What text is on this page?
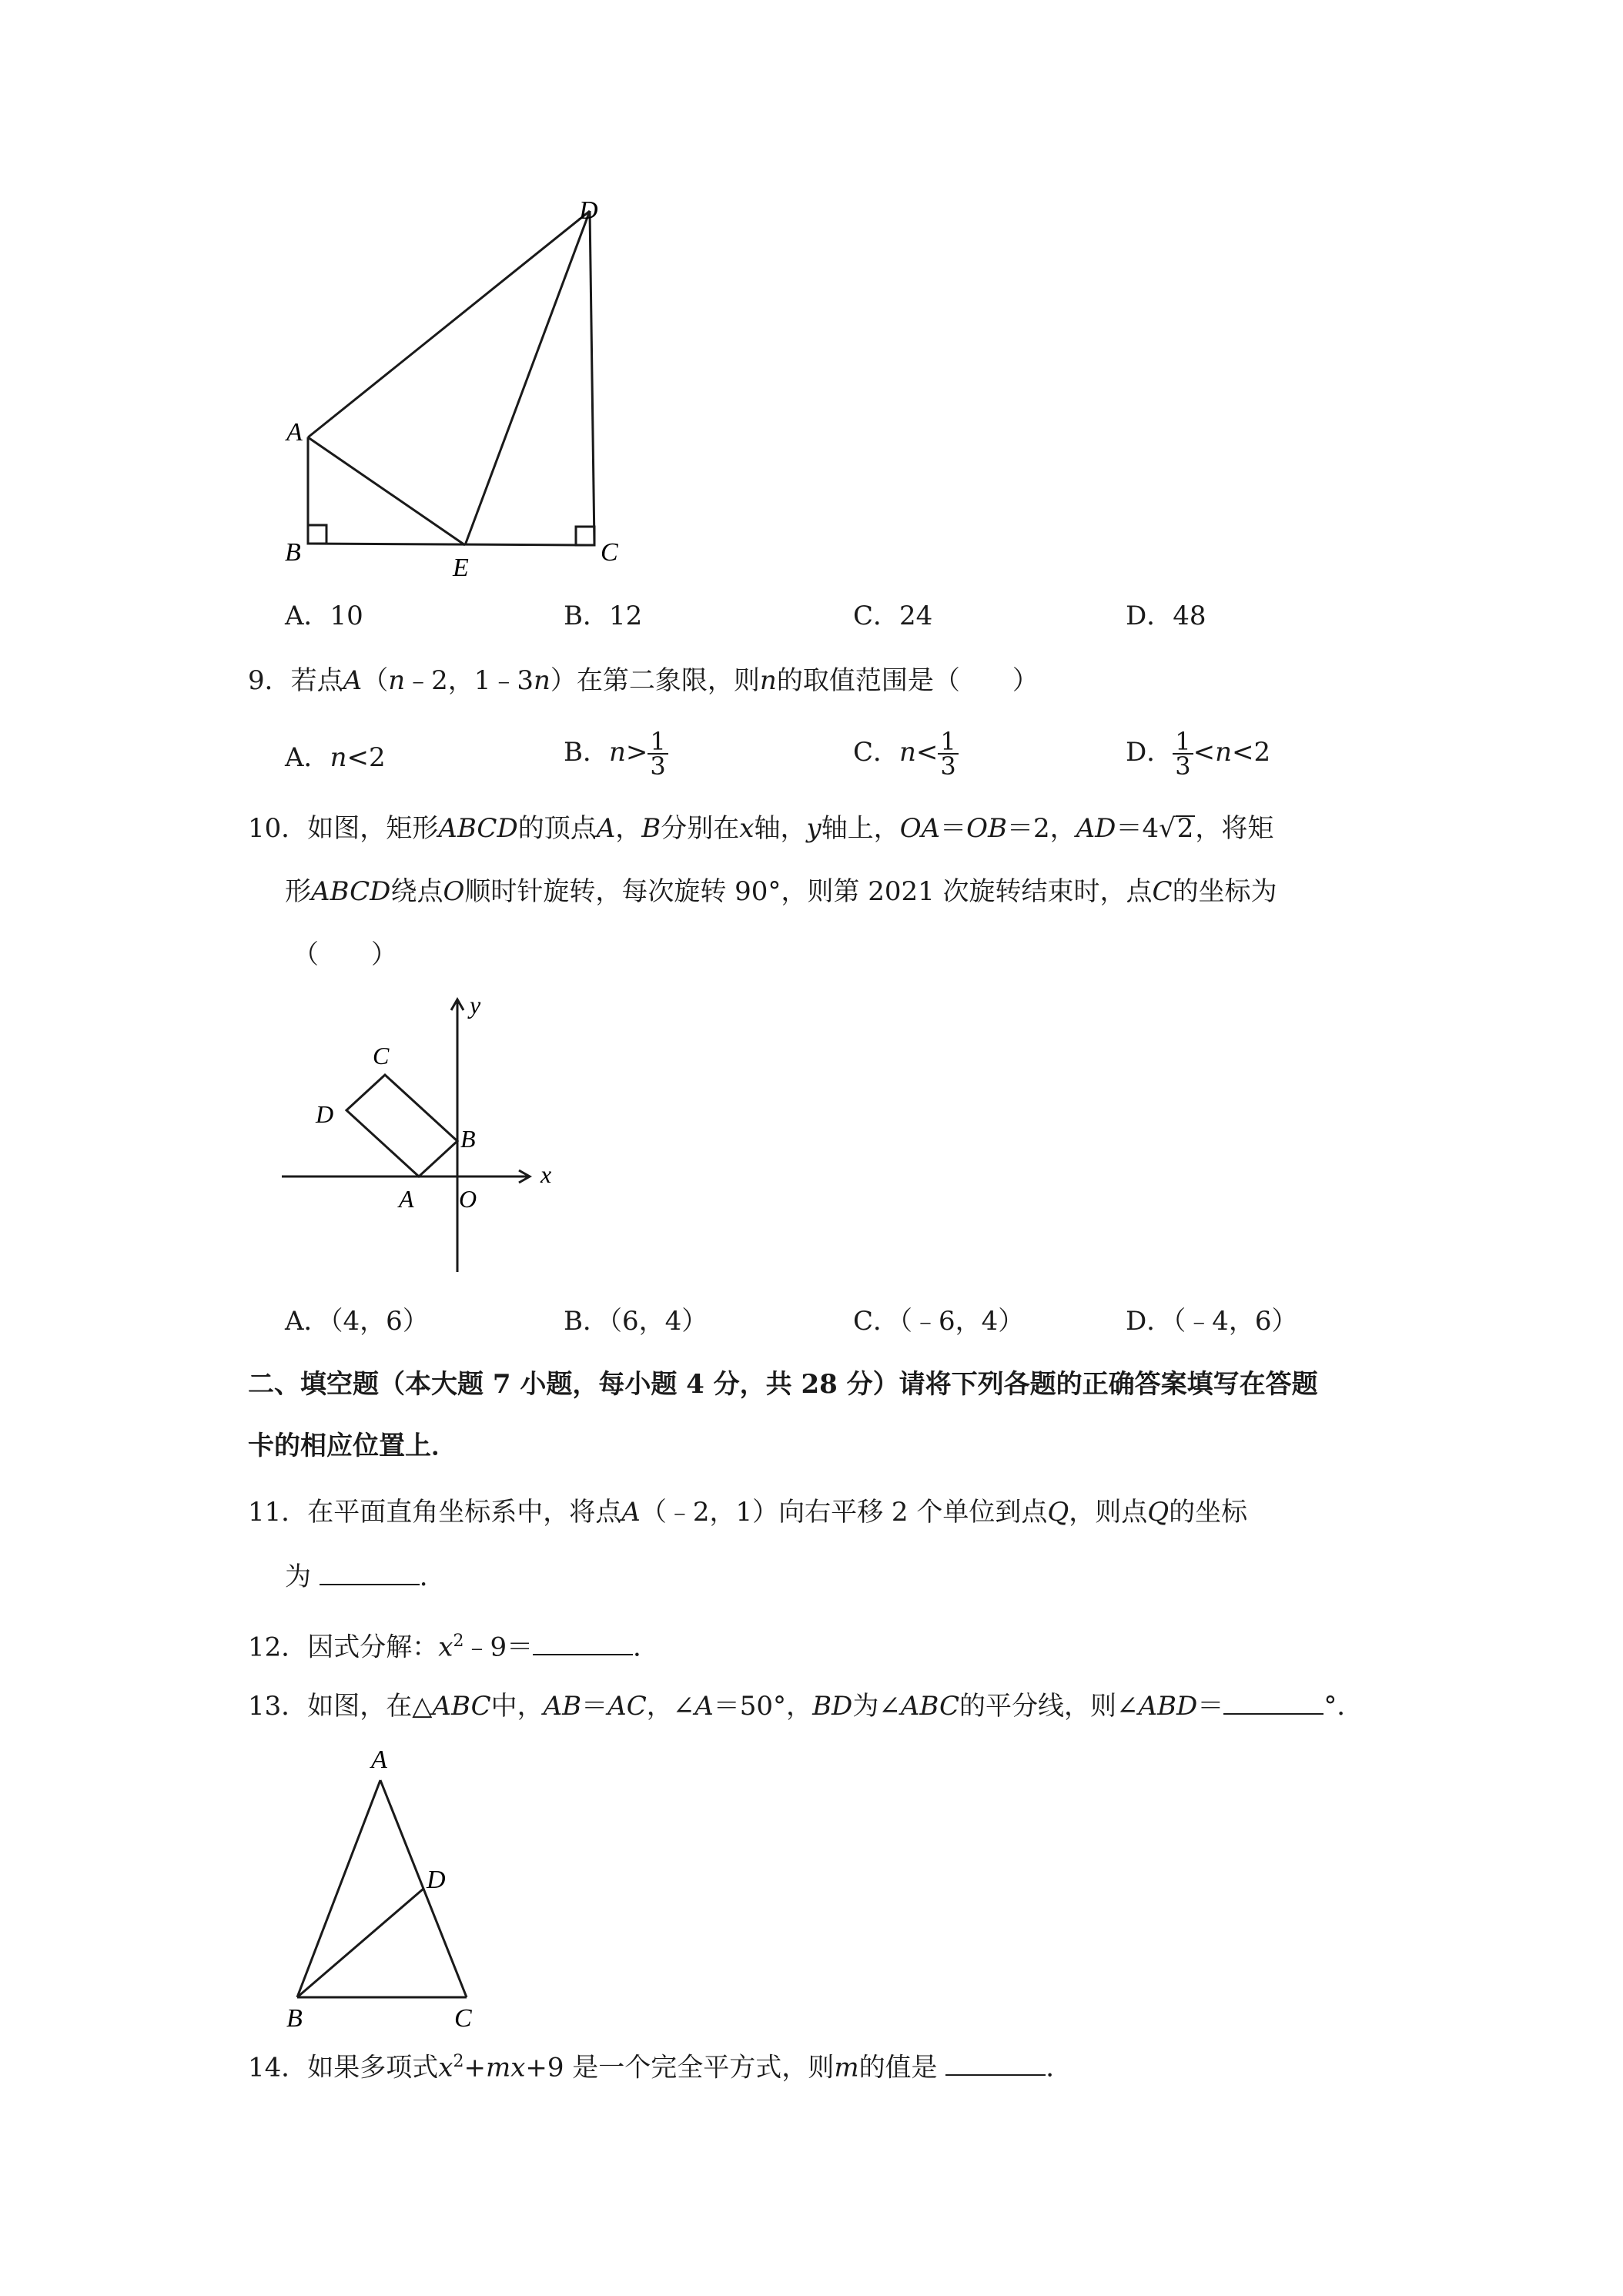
D
A
B
E
C
A．10	B．12	C．24	D．48
9．若点A（n﹣2，1﹣3n）在第二象限，则n的取值范围是（　　）
A．n<2	B．$n> \frac{1}{3}$	C．$n< \frac{1}{3}$	D． $\frac{1}{3} <n<2$
10．如图，矩形ABCD的顶点A，B分别在x轴，y轴上，OA＝OB＝2，AD＝4√2，将矩
形ABCD绕点O顺时针旋转，每次旋转 90°，则第 2021 次旋转结束时，点C的坐标为
（　　）
y
C
D
B
x
A O
A．（4，6）	B．（6，4）	C．（﹣6，4）	D．（﹣4，6）
二、填空题（本大题 7 小题，每小题 4 分，共 28 分）请将下列各题的正确答案填写在答题
卡的相应位置上．
11．在平面直角坐标系中，将点A（﹣2，1）向右平移 2 个单位到点Q，则点Q的坐标
为	．
12．因式分解：$x^2﹣9=$	．
13．如图，在△ABC中，AB＝AC，∠A＝50°，BD为∠ABC的平分线，则∠ABD＝	°．
A
D
B	C
14．如果多项式$x^2+mx+9$ 是一个完全平方式，则m的值是	．
